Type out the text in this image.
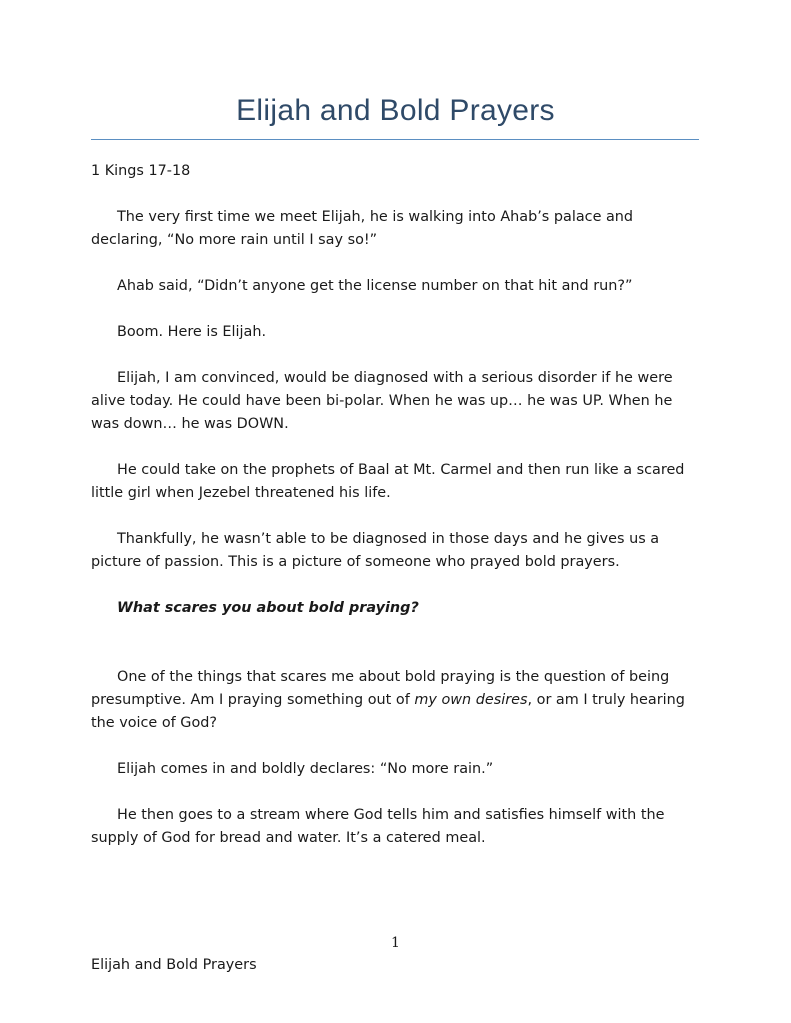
Elijah and Bold Prayers

1 Kings 17-18

The very first time we meet Elijah, he is walking into Ahab’s palace and declaring, “No more rain until I say so!”

Ahab said, “Didn’t anyone get the license number on that hit and run?”

Boom. Here is Elijah.

Elijah, I am convinced, would be diagnosed with a serious disorder if he were alive today. He could have been bi-polar. When he was up… he was UP. When he was down… he was DOWN.

He could take on the prophets of Baal at Mt. Carmel and then run like a scared little girl when Jezebel threatened his life.

Thankfully, he wasn’t able to be diagnosed in those days and he gives us a picture of passion. This is a picture of someone who prayed bold prayers.

What scares you about bold praying?

One of the things that scares me about bold praying is the question of being presumptive. Am I praying something out of my own desires, or am I truly hearing the voice of God?

Elijah comes in and boldly declares: “No more rain.”

He then goes to a stream where God tells him and satisfies himself with the supply of God for bread and water. It’s a catered meal.

1
Elijah and Bold Prayers
